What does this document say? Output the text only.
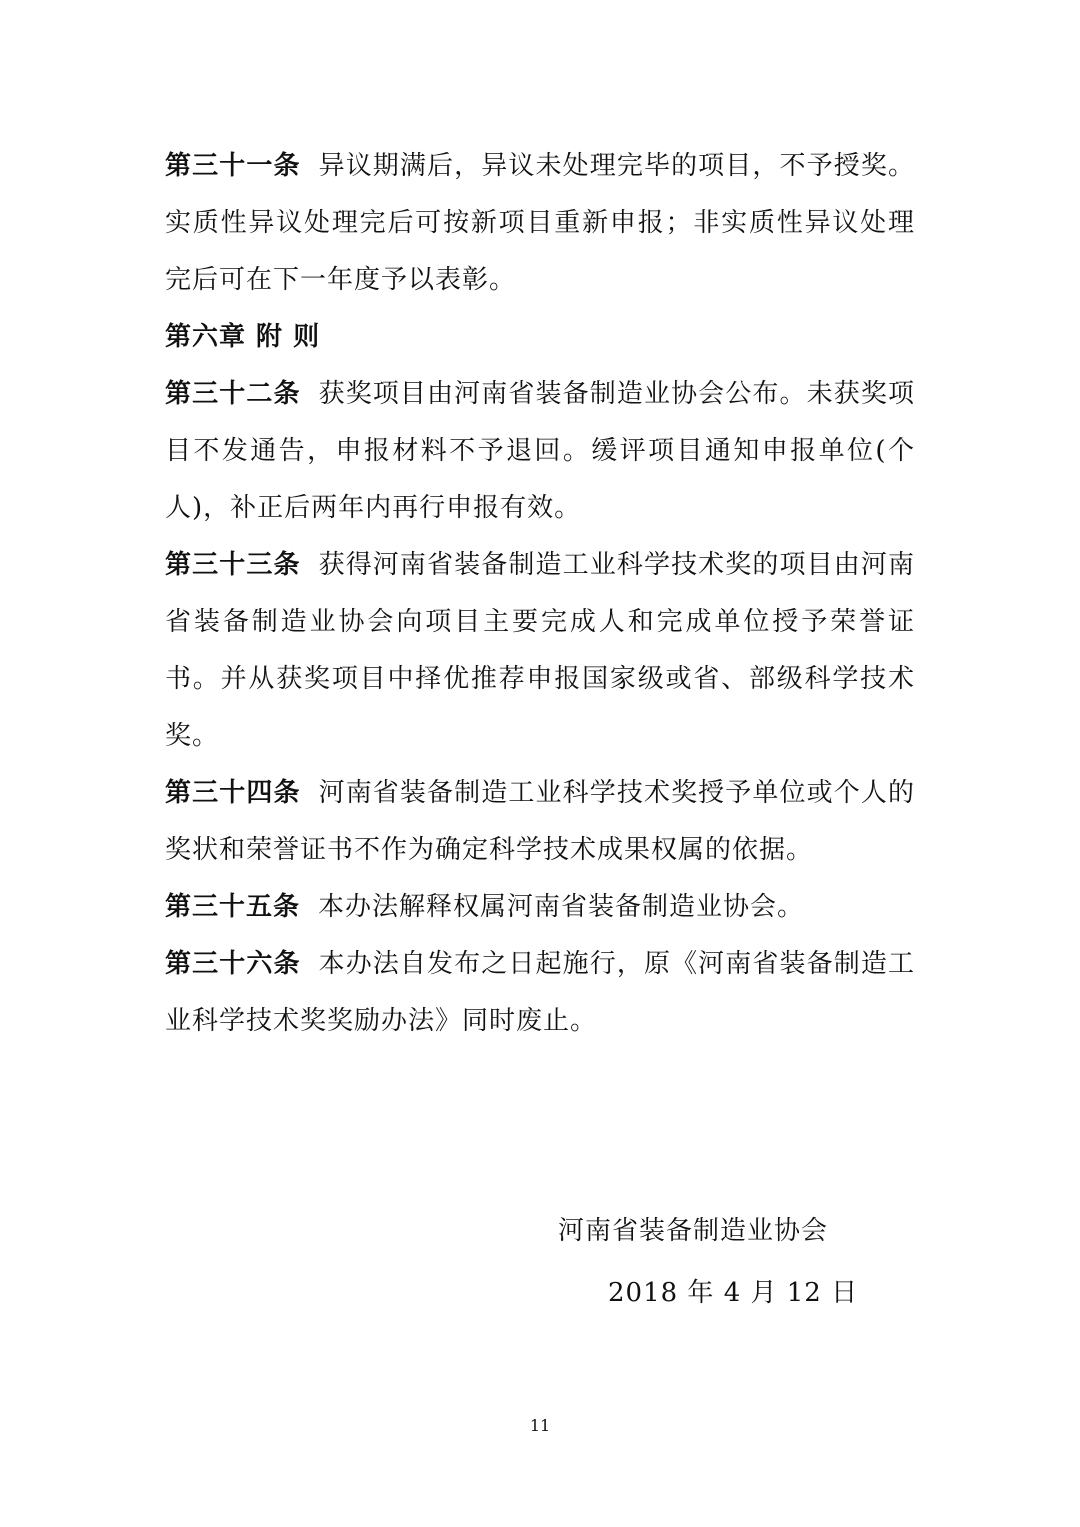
第三十一条 异议期满后，异议未处理完毕的项目，不予授奖。实质性异议处理完后可按新项目重新申报；非实质性异议处理完后可在下一年度予以表彰。

第六章 附 则

第三十二条 获奖项目由河南省装备制造业协会公布。未获奖项目不发通告，申报材料不予退回。缓评项目通知申报单位(个人)，补正后两年内再行申报有效。

第三十三条 获得河南省装备制造工业科学技术奖的项目由河南省装备制造业协会向项目主要完成人和完成单位授予荣誉证书。并从获奖项目中择优推荐申报国家级或省、部级科学技术奖。

第三十四条 河南省装备制造工业科学技术奖授予单位或个人的奖状和荣誉证书不作为确定科学技术成果权属的依据。

第三十五条 本办法解释权属河南省装备制造业协会。

第三十六条 本办法自发布之日起施行，原《河南省装备制造工业科学技术奖奖励办法》同时废止。

河南省装备制造业协会
2018 年 4 月 12 日
11
